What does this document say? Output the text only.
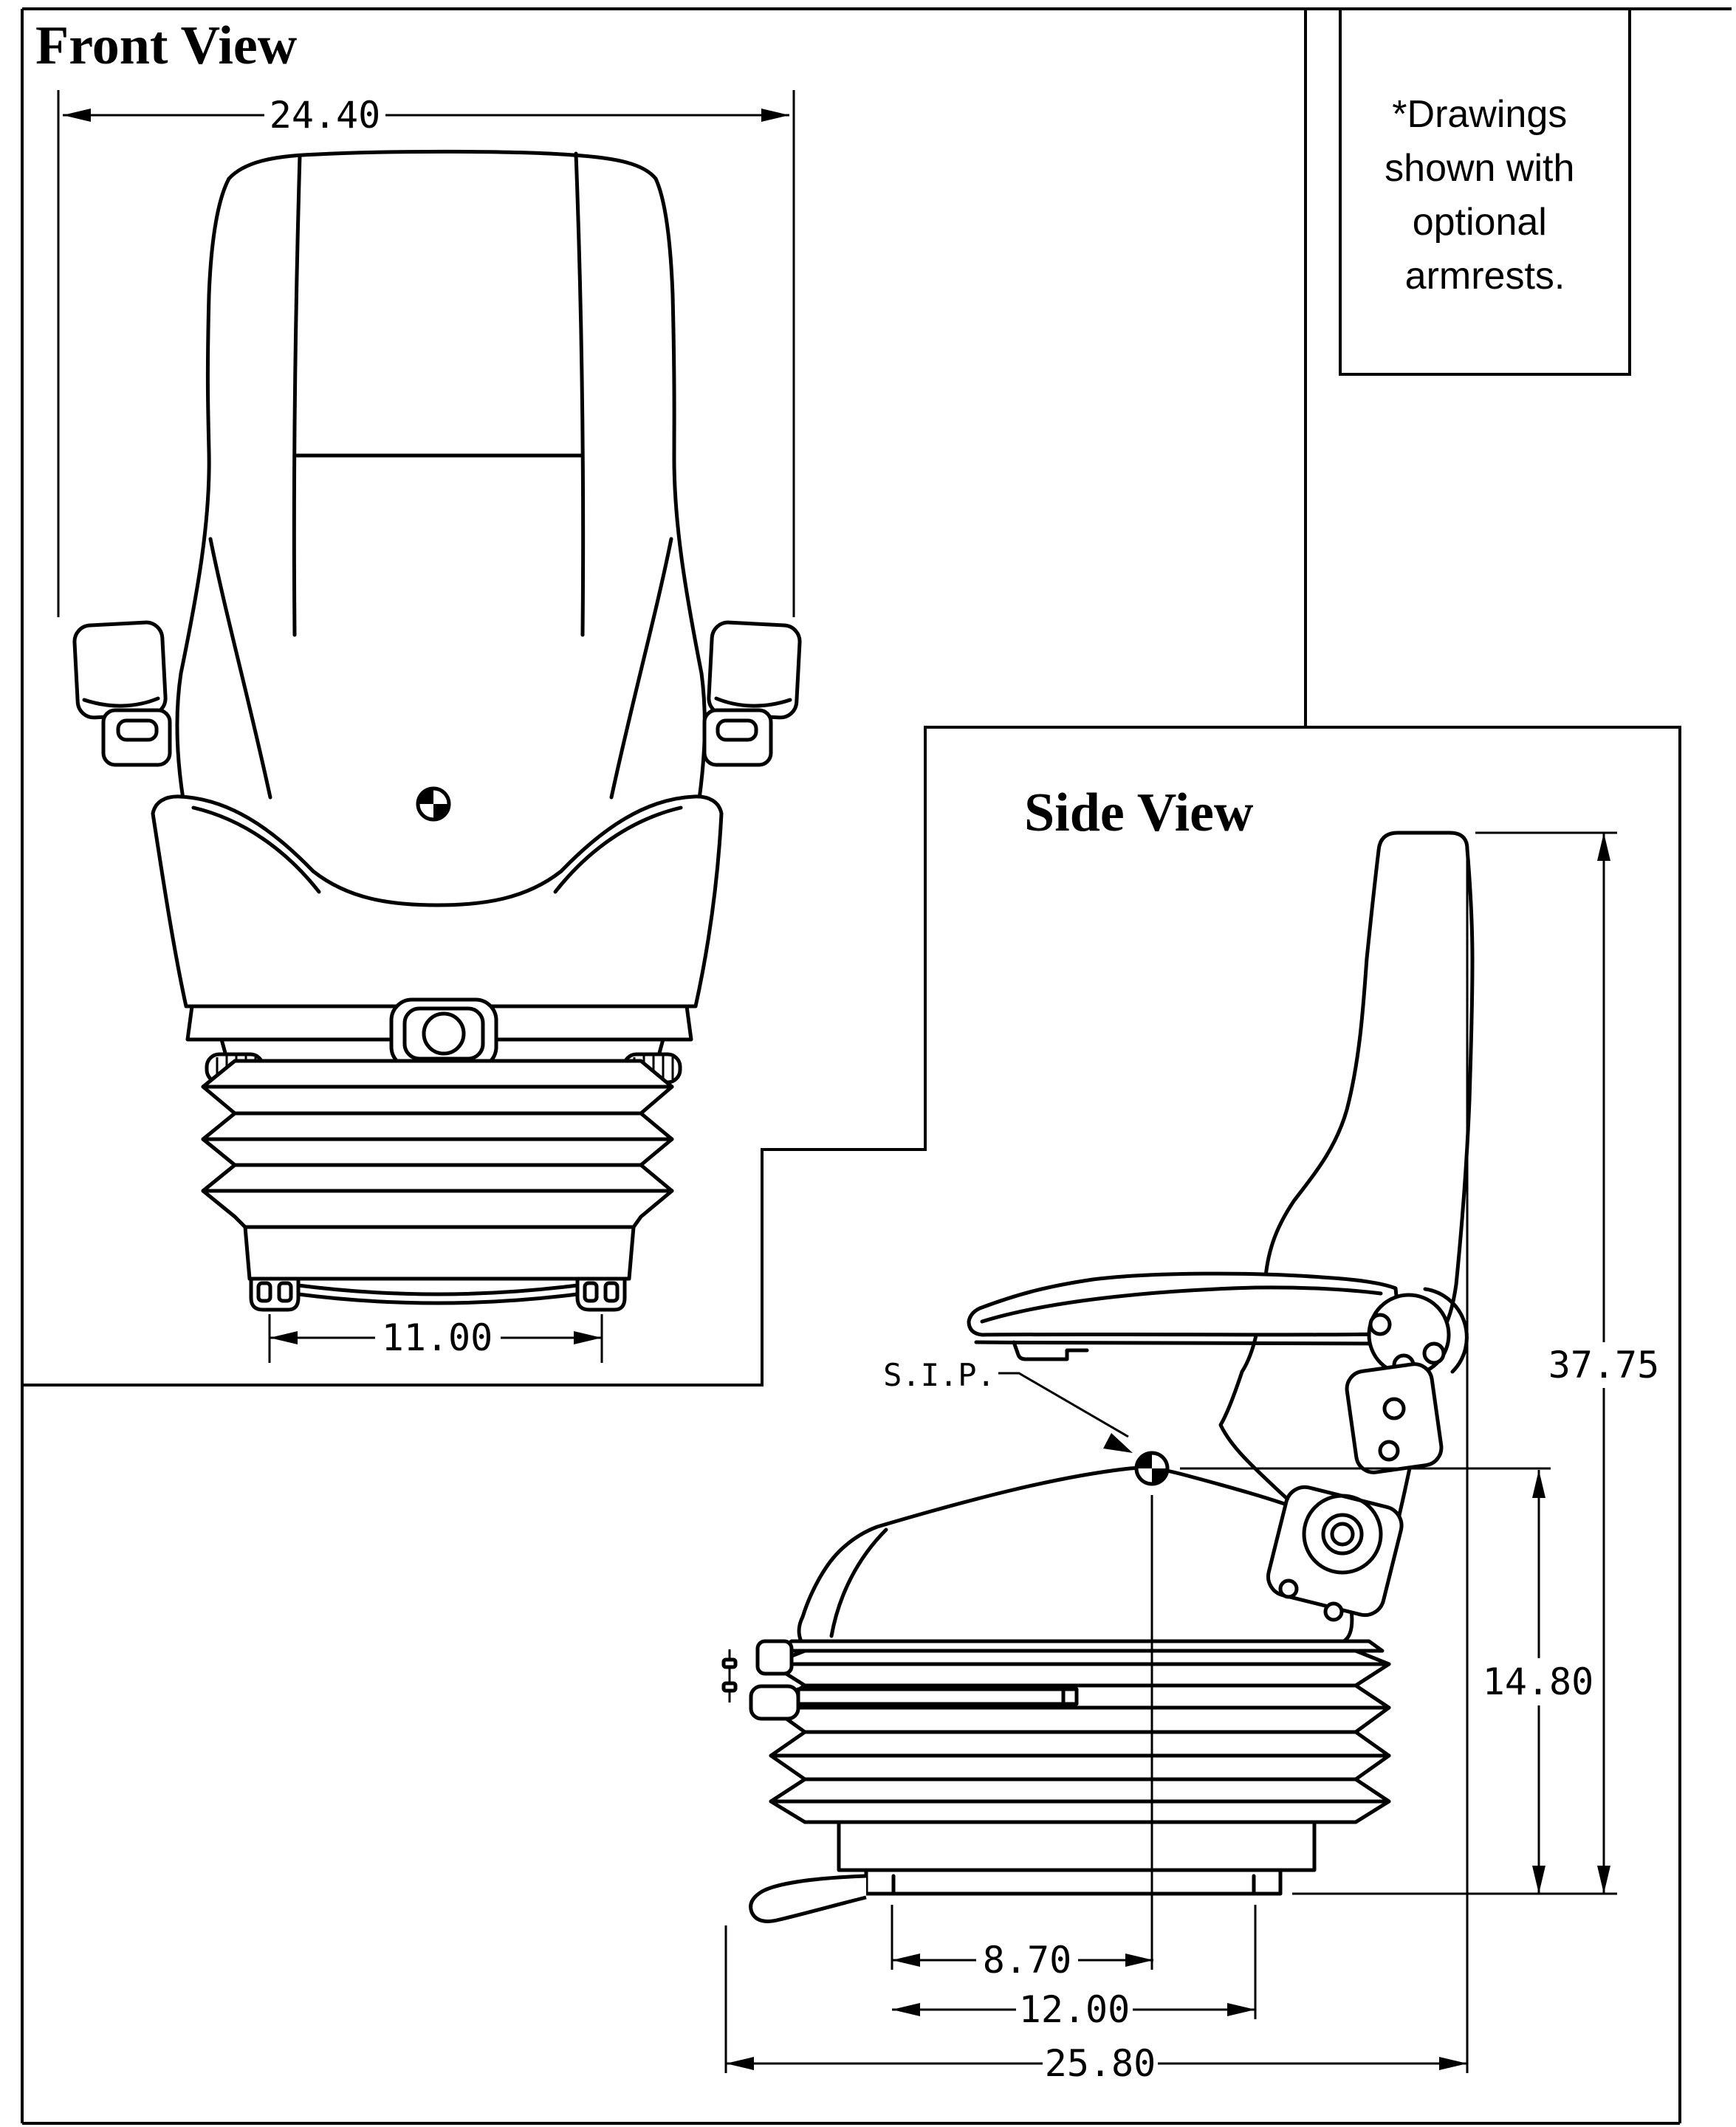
*Drawings shown with optional armrests.
Front View
24.40
11.00
Side View
S.I.P.	37.75
14.80
8.70
12.00
25.80
